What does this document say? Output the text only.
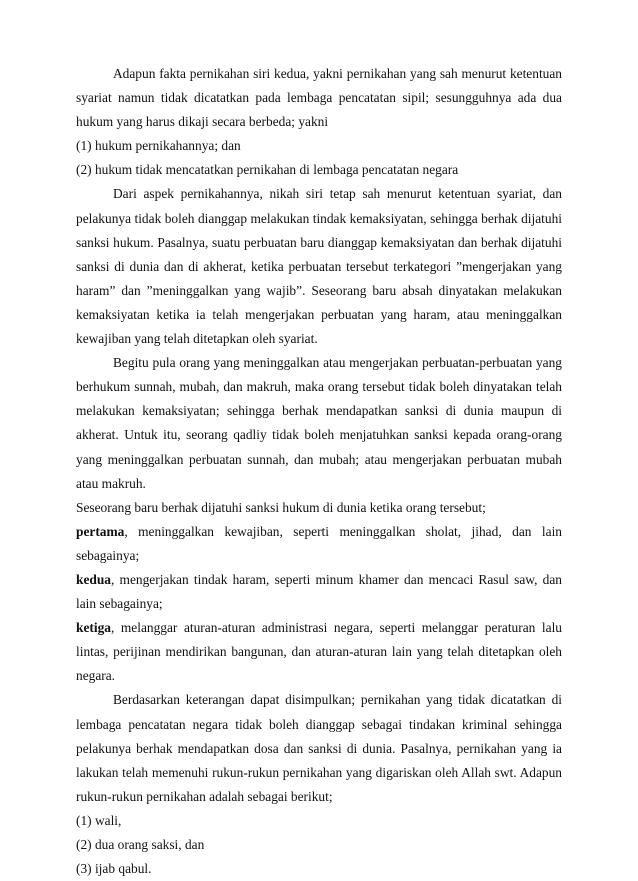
Adapun fakta pernikahan siri kedua, yakni pernikahan yang sah menurut ketentuan syariat namun tidak dicatatkan pada lembaga pencatatan sipil; sesungguhnya ada dua hukum yang harus dikaji secara berbeda; yakni

(1) hukum pernikahannya; dan

(2) hukum tidak mencatatkan pernikahan di lembaga pencatatan negara

Dari aspek pernikahannya, nikah siri tetap sah menurut ketentuan syariat, dan pelakunya tidak boleh dianggap melakukan tindak kemaksiyatan, sehingga berhak dijatuhi sanksi hukum. Pasalnya, suatu perbuatan baru dianggap kemaksiyatan dan berhak dijatuhi sanksi di dunia dan di akherat, ketika perbuatan tersebut terkategori ”mengerjakan yang haram” dan ”meninggalkan yang wajib”. Seseorang baru absah dinyatakan melakukan kemaksiyatan ketika ia telah mengerjakan perbuatan yang haram, atau meninggalkan kewajiban yang telah ditetapkan oleh syariat.

Begitu pula orang yang meninggalkan atau mengerjakan perbuatan-perbuatan yang berhukum sunnah, mubah, dan makruh, maka orang tersebut tidak boleh dinyatakan telah melakukan kemaksiyatan; sehingga berhak mendapatkan sanksi di dunia maupun di akherat. Untuk itu, seorang qadliy tidak boleh menjatuhkan sanksi kepada orang-orang yang meninggalkan perbuatan sunnah, dan mubah; atau mengerjakan perbuatan mubah atau makruh.

Seseorang baru berhak dijatuhi sanksi hukum di dunia ketika orang tersebut;

pertama, meninggalkan kewajiban, seperti meninggalkan sholat, jihad, dan lain sebagainya;

kedua, mengerjakan tindak haram, seperti minum khamer dan mencaci Rasul saw, dan lain sebagainya;

ketiga, melanggar aturan-aturan administrasi negara, seperti melanggar peraturan lalu lintas, perijinan mendirikan bangunan, dan aturan-aturan lain yang telah ditetapkan oleh negara.

Berdasarkan keterangan dapat disimpulkan; pernikahan yang tidak dicatatkan di lembaga pencatatan negara tidak boleh dianggap sebagai tindakan kriminal sehingga pelakunya berhak mendapatkan dosa dan sanksi di dunia. Pasalnya, pernikahan yang ia lakukan telah memenuhi rukun-rukun pernikahan yang digariskan oleh Allah swt. Adapun rukun-rukun pernikahan adalah sebagai berikut;

(1) wali,

(2) dua orang saksi, dan

(3) ijab qabul.
